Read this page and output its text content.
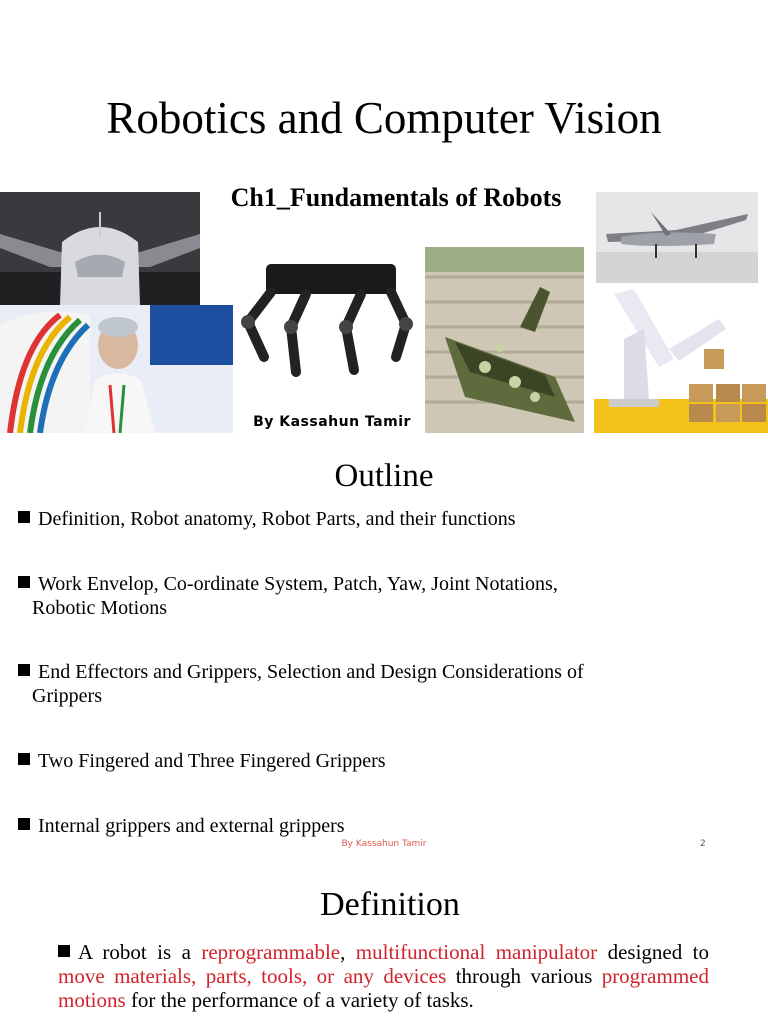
Robotics and Computer Vision
Ch1_Fundamentals of Robots
By Kassahun Tamir
Outline
Definition, Robot anatomy, Robot Parts, and their functions
Work Envelop, Co-ordinate System, Patch, Yaw, Joint Notations,
Robotic Motions
End Effectors and Grippers, Selection and Design Considerations of
Grippers
Two Fingered and Three Fingered Grippers
Internal grippers and external grippers
By Kassahun Tamir	2
Definition
A robot is a reprogrammable, multifunctional manipulator designed to move materials, parts, tools, or any devices through various programmed motions for the performance of a variety of tasks.
